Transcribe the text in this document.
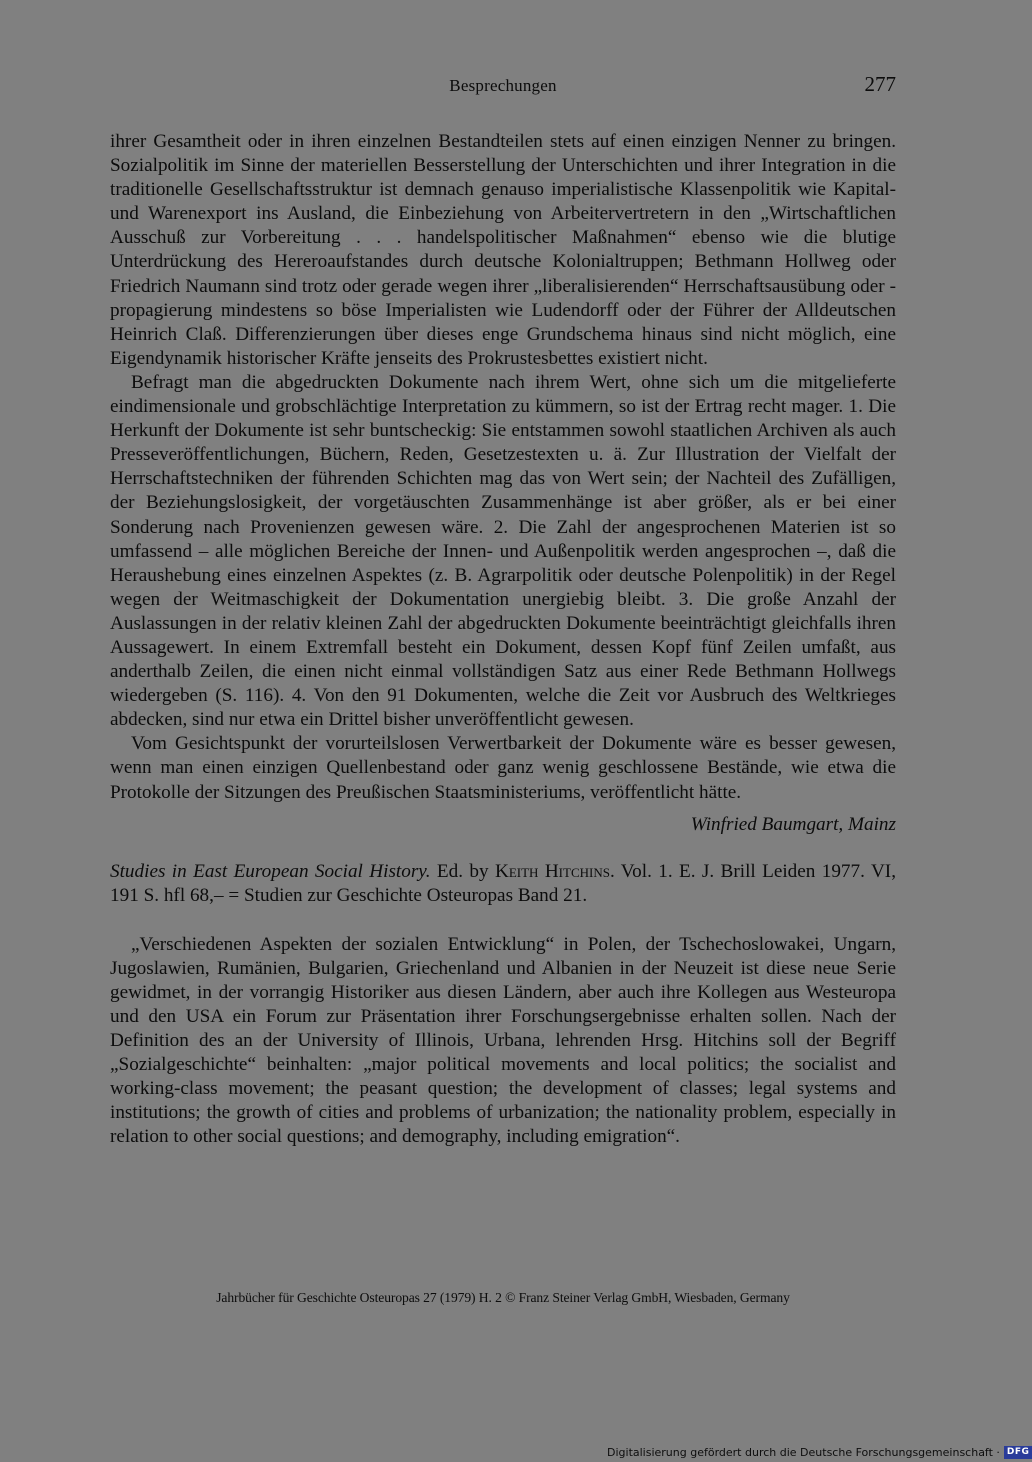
Besprechungen	277

ihrer Gesamtheit oder in ihren einzelnen Bestandteilen stets auf einen einzigen Nenner zu bringen. Sozialpolitik im Sinne der materiellen Besserstellung der Unterschichten und ihrer Integration in die traditionelle Gesellschaftsstruktur ist demnach genauso imperialistische Klassenpolitik wie Kapital- und Warenexport ins Ausland, die Einbeziehung von Arbeitervertretern in den „Wirtschaftlichen Ausschuß zur Vorbereitung . . . handelspolitischer Maßnahmen“ ebenso wie die blutige Unterdrückung des Hereroaufstandes durch deutsche Kolonialtruppen; Bethmann Hollweg oder Friedrich Naumann sind trotz oder gerade wegen ihrer „liberalisierenden“ Herrschaftsausübung oder -propagierung mindestens so böse Imperialisten wie Ludendorff oder der Führer der Alldeutschen Heinrich Claß. Differenzierungen über dieses enge Grundschema hinaus sind nicht möglich, eine Eigendynamik historischer Kräfte jenseits des Prokrustesbettes existiert nicht.

Befragt man die abgedruckten Dokumente nach ihrem Wert, ohne sich um die mitgelieferte eindimensionale und grobschlächtige Interpretation zu kümmern, so ist der Ertrag recht mager. 1. Die Herkunft der Dokumente ist sehr buntscheckig: Sie entstammen sowohl staatlichen Archiven als auch Presseveröffentlichungen, Büchern, Reden, Gesetzestexten u. ä. Zur Illustration der Vielfalt der Herrschaftstechniken der führenden Schichten mag das von Wert sein; der Nachteil des Zufälligen, der Beziehungslosigkeit, der vorgetäuschten Zusammenhänge ist aber größer, als er bei einer Sonderung nach Provenienzen gewesen wäre. 2. Die Zahl der angesprochenen Materien ist so umfassend – alle möglichen Bereiche der Innen- und Außenpolitik werden angesprochen –, daß die Heraushebung eines einzelnen Aspektes (z. B. Agrarpolitik oder deutsche Polenpolitik) in der Regel wegen der Weitmaschigkeit der Dokumentation unergiebig bleibt. 3. Die große Anzahl der Auslassungen in der relativ kleinen Zahl der abgedruckten Dokumente beeinträchtigt gleichfalls ihren Aussagewert. In einem Extremfall besteht ein Dokument, dessen Kopf fünf Zeilen umfaßt, aus anderthalb Zeilen, die einen nicht einmal vollständigen Satz aus einer Rede Bethmann Hollwegs wiedergeben (S. 116). 4. Von den 91 Dokumenten, welche die Zeit vor Ausbruch des Weltkrieges abdecken, sind nur etwa ein Drittel bisher unveröffentlicht gewesen.

Vom Gesichtspunkt der vorurteilslosen Verwertbarkeit der Dokumente wäre es besser gewesen, wenn man einen einzigen Quellenbestand oder ganz wenig geschlossene Bestände, wie etwa die Protokolle der Sitzungen des Preußischen Staatsministeriums, veröffentlicht hätte.

Winfried Baumgart, Mainz

Studies in East European Social History. Ed. by Keith Hitchins. Vol. 1. E. J. Brill Leiden 1977. VI, 191 S. hfl 68,– = Studien zur Geschichte Osteuropas Band 21.

„Verschiedenen Aspekten der sozialen Entwicklung“ in Polen, der Tschechoslowakei, Ungarn, Jugoslawien, Rumänien, Bulgarien, Griechenland und Albanien in der Neuzeit ist diese neue Serie gewidmet, in der vorrangig Historiker aus diesen Ländern, aber auch ihre Kollegen aus Westeuropa und den USA ein Forum zur Präsentation ihrer Forschungsergebnisse erhalten sollen. Nach der Definition des an der University of Illinois, Urbana, lehrenden Hrsg. Hitchins soll der Begriff „Sozialgeschichte“ beinhalten: „major political movements and local politics; the socialist and working-class movement; the peasant question; the development of classes; legal systems and institutions; the growth of cities and problems of urbanization; the nationality problem, especially in relation to other social questions; and demography, including emigration“.

Jahrbücher für Geschichte Osteuropas 27 (1979) H. 2 © Franz Steiner Verlag GmbH, Wiesbaden, Germany
Digitalisierung gefördert durch die Deutsche Forschungsgemeinschaft · DFG
